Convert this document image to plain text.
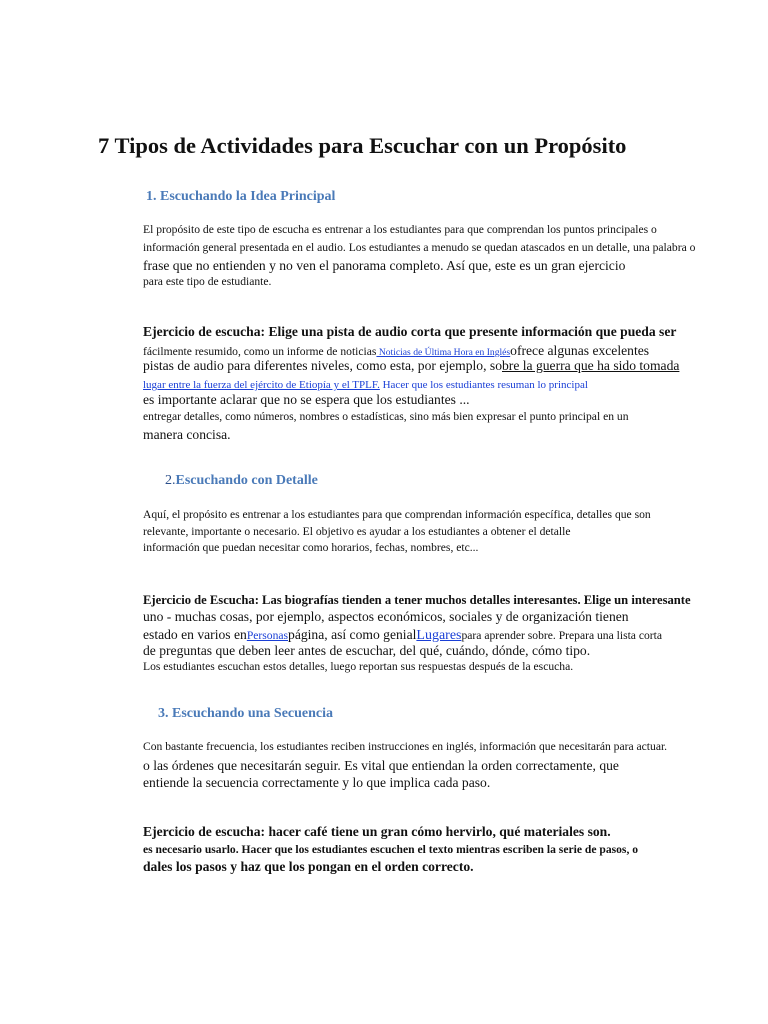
7 Tipos de Actividades para Escuchar con un Propósito
1. Escuchando la Idea Principal

El propósito de este tipo de escucha es entrenar a los estudiantes para que comprendan los puntos principales o

información general presentada en el audio. Los estudiantes a menudo se quedan atascados en un detalle, una palabra o

frase que no entienden y no ven el panorama completo. Así que, este es un gran ejercicio

para este tipo de estudiante.

Ejercicio de escucha: Elige una pista de audio corta que presente información que pueda ser

fácilmente resumido, como un informe de noticias Noticias de Última Hora en Inglésofrece algunas excelentes

pistas de audio para diferentes niveles, como esta, por ejemplo, sobre la guerra que ha sido tomada

lugar entre la fuerza del ejército de Etiopía y el TPLF. Hacer que los estudiantes resuman lo principal

es importante aclarar que no se espera que los estudiantes ...

entregar detalles, como números, nombres o estadísticas, sino más bien expresar el punto principal en un

manera concisa.

2.Escuchando con Detalle

Aquí, el propósito es entrenar a los estudiantes para que comprendan información específica, detalles que son

relevante, importante o necesario. El objetivo es ayudar a los estudiantes a obtener el detalle

información que puedan necesitar como horarios, fechas, nombres, etc...

Ejercicio de Escucha: Las biografías tienden a tener muchos detalles interesantes. Elige un interesante

uno - muchas cosas, por ejemplo, aspectos económicos, sociales y de organización tienen

estado en varios enPersonaspágina, así como genialLugarespara aprender sobre. Prepara una lista corta

de preguntas que deben leer antes de escuchar, del qué, cuándo, dónde, cómo tipo.

Los estudiantes escuchan estos detalles, luego reportan sus respuestas después de la escucha.

3. Escuchando una Secuencia

Con bastante frecuencia, los estudiantes reciben instrucciones en inglés, información que necesitarán para actuar.

o las órdenes que necesitarán seguir. Es vital que entiendan la orden correctamente, que

entiende la secuencia correctamente y lo que implica cada paso.

Ejercicio de escucha: hacer café tiene un gran cómo hervirlo, qué materiales son.

es necesario usarlo. Hacer que los estudiantes escuchen el texto mientras escriben la serie de pasos, o

dales los pasos y haz que los pongan en el orden correcto.
